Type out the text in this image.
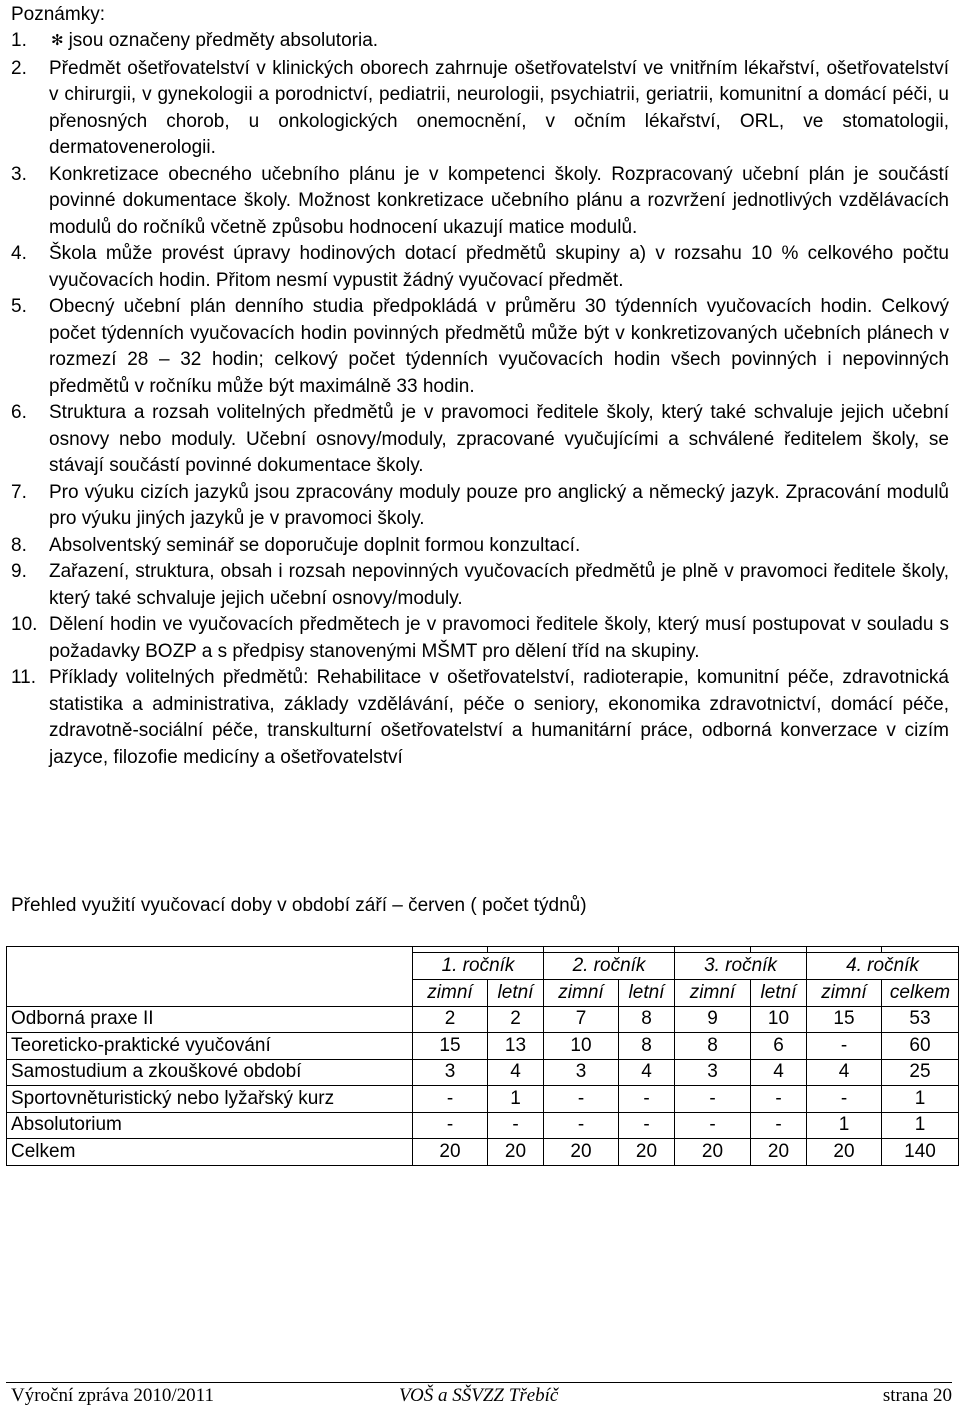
Poznámky:
1.	✻ jsou označeny předměty absolutoria.
2.	Předmět ošetřovatelství v klinických oborech zahrnuje ošetřovatelství ve vnitřním lékařství, ošetřovatelství v chirurgii, v gynekologii a porodnictví, pediatrii, neurologii, psychiatrii, geriatrii, komunitní a domácí péči, u přenosných chorob, u onkologických onemocnění, v očním lékařství, ORL, ve stomatologii, dermatovenerologii.
3.	Konkretizace obecného učebního plánu je v kompetenci školy. Rozpracovaný učební plán je součástí povinné dokumentace školy. Možnost konkretizace učebního plánu a rozvržení jednotlivých vzdělávacích modulů do ročníků včetně způsobu hodnocení ukazují matice modulů.
4.	Škola může provést úpravy hodinových dotací předmětů skupiny a) v rozsahu 10 % celkového počtu vyučovacích hodin. Přitom nesmí vypustit žádný vyučovací předmět.
5.	Obecný učební plán denního studia předpokládá v průměru 30 týdenních vyučovacích hodin. Celkový počet týdenních vyučovacích hodin povinných předmětů může být v konkretizovaných učebních plánech v rozmezí 28 – 32 hodin; celkový počet týdenních vyučovacích hodin všech povinných i nepovinných předmětů v ročníku může být maximálně 33 hodin.
6.	Struktura a rozsah volitelných předmětů je v pravomoci ředitele školy, který také schvaluje jejich učební osnovy nebo moduly. Učební osnovy/moduly, zpracované vyučujícími a schválené ředitelem školy, se stávají součástí povinné dokumentace školy.
7.	Pro výuku cizích jazyků jsou zpracovány moduly pouze pro anglický a německý jazyk. Zpracování modulů pro výuku jiných jazyků je v pravomoci školy.
8.	Absolventský seminář se doporučuje doplnit formou konzultací.
9.	Zařazení, struktura, obsah i rozsah nepovinných vyučovacích předmětů je plně v pravomoci ředitele školy, který také schvaluje jejich učební osnovy/moduly.
10. Dělení hodin ve vyučovacích předmětech je v pravomoci ředitele školy, který musí postupovat v souladu s požadavky BOZP a s předpisy stanovenými MŠMT pro dělení tříd na skupiny.
11. Příklady volitelných předmětů: Rehabilitace v ošetřovatelství, radioterapie, komunitní péče, zdravotnická statistika a administrativa, základy vzdělávání, péče o seniory, ekonomika zdravotnictví, domácí péče, zdravotně-sociální péče, transkulturní ošetřovatelství a humanitární práce, odborná konverzace v cizím jazyce, filozofie medicíny a ošetřovatelství
Přehled využití vyučovací doby v období září – červen ( počet týdnů)

	1. ročník		2. ročník		3. ročník		4. ročník	
	zimní	letní	zimní	letní	zimní	letní	zimní	celkem
Odborná praxe II	2	2	7	8	9	10	15	53
Teoreticko-praktické vyučování	15	13	10	8	8	6	-	60
Samostudium a zkouškové období	3	4	3	4	3	4	4	25
Sportovněturistický nebo lyžařský kurz	-	1	-	-	-	-	-	1
Absolutorium	-	-	-	-	-	-	1	1
Celkem	20	20	20	20	20	20	20	140
Výroční zpráva 2010/2011	VOŠ a SŠVZZ Třebíč	strana 20
